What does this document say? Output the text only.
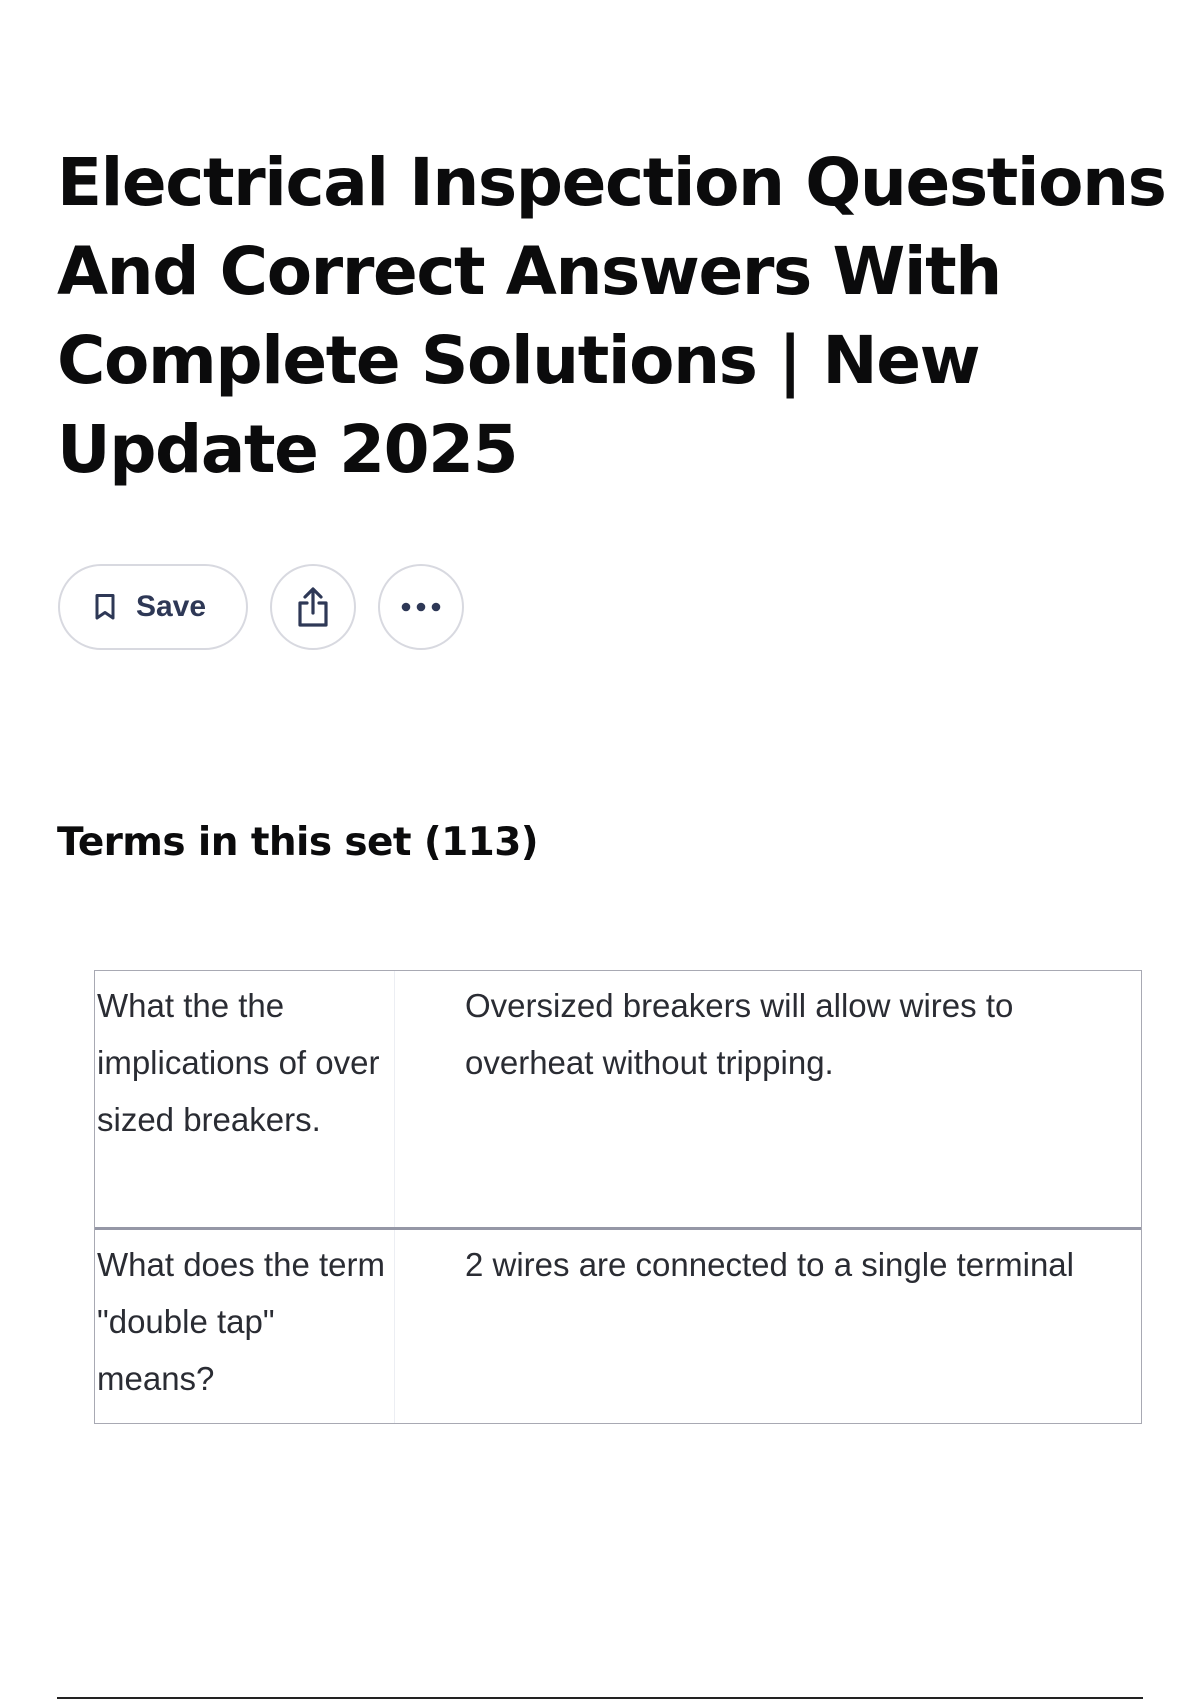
Electrical Inspection Questions And Correct Answers With Complete Solutions | New Update 2025
Save
Terms in this set (113)
What the the implications of over sized breakers.
Oversized breakers will allow wires to overheat without tripping.
What does the term "double tap" means?
2 wires are connected to a single terminal
